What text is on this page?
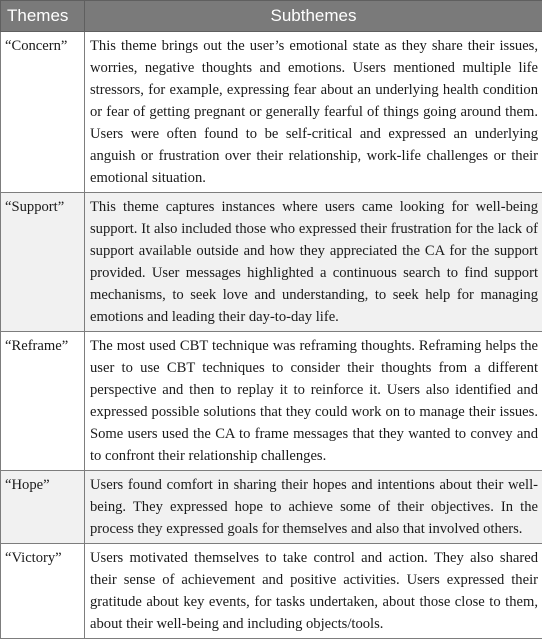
Themes	Subthemes
“Concern”	This theme brings out the user’s emotional state as they share their issues, worries, negative thoughts and emotions. Users mentioned multiple life stressors, for example, expressing fear about an underlying health condition or fear of getting pregnant or generally fearful of things going around them. Users were often found to be self-critical and expressed an underlying anguish or frustration over their relationship, work-life challenges or their emotional situation.
“Support”	This theme captures instances where users came looking for well-being support. It also included those who expressed their frustration for the lack of support available outside and how they appreciated the CA for the support provided. User messages highlighted a continuous search to find support mechanisms, to seek love and understanding, to seek help for managing emotions and leading their day-to-day life.
“Reframe”	The most used CBT technique was reframing thoughts. Reframing helps the user to use CBT techniques to consider their thoughts from a different perspective and then to replay it to reinforce it. Users also identified and expressed possible solutions that they could work on to manage their issues. Some users used the CA to frame messages that they wanted to convey and to confront their relationship challenges.
“Hope”	Users found comfort in sharing their hopes and intentions about their well-being. They expressed hope to achieve some of their objectives. In the process they expressed goals for themselves and also that involved others.
“Victory”	Users motivated themselves to take control and action. They also shared their sense of achievement and positive activities. Users expressed their gratitude about key events, for tasks undertaken, about those close to them, about their well-being and including objects/tools.
